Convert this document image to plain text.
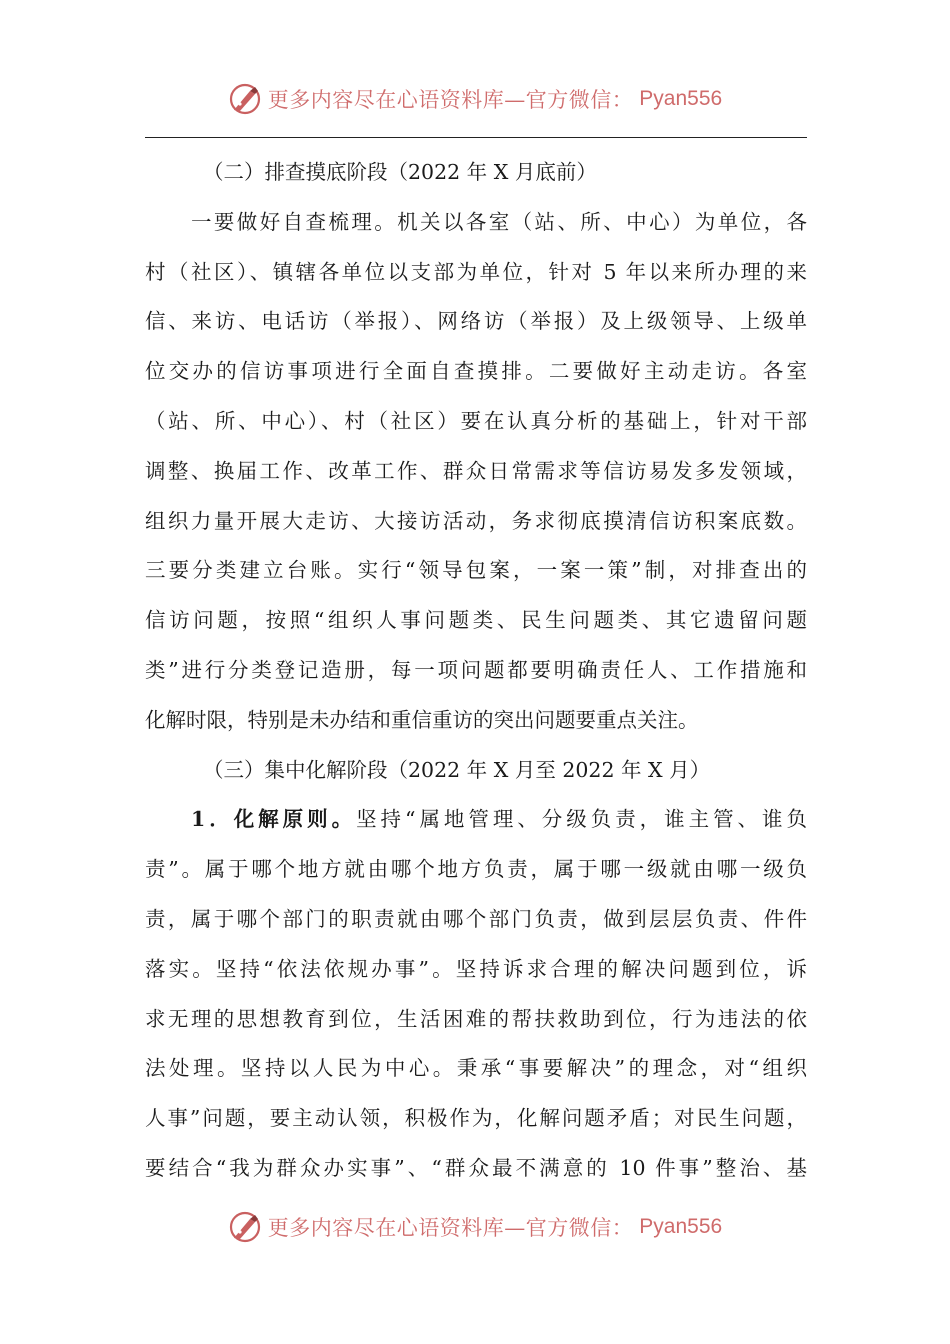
更多内容尽在心语资料库—官方微信： Pyan556
（二）排查摸底阶段（2022 年 X 月底前）
一要做好自查梳理。机关以各室（站、所、中心）为单位，各
村（社区）、镇辖各单位以支部为单位，针对 5 年以来所办理的来
信、来访、电话访（举报）、网络访（举报）及上级领导、上级单
位交办的信访事项进行全面自查摸排。二要做好主动走访。各室
（站、所、中心）、村（社区）要在认真分析的基础上，针对干部
调整、换届工作、改革工作、群众日常需求等信访易发多发领域，
组织力量开展大走访、大接访活动，务求彻底摸清信访积案底数。
三要分类建立台账。实行“领导包案，一案一策”制，对排查出的
信访问题，按照“组织人事问题类、民生问题类、其它遗留问题
类”进行分类登记造册，每一项问题都要明确责任人、工作措施和
化解时限，特别是未办结和重信重访的突出问题要重点关注。
（三）集中化解阶段（2022 年 X 月至 2022 年 X 月）
1．化解原则。坚持“属地管理、分级负责，谁主管、谁负
责”。属于哪个地方就由哪个地方负责，属于哪一级就由哪一级负
责，属于哪个部门的职责就由哪个部门负责，做到层层负责、件件
落实。坚持“依法依规办事”。坚持诉求合理的解决问题到位，诉
求无理的思想教育到位，生活困难的帮扶救助到位，行为违法的依
法处理。坚持以人民为中心。秉承“事要解决”的理念，对“组织
人事”问题，要主动认领，积极作为，化解问题矛盾；对民生问题，
要结合“我为群众办实事”、“群众最不满意的 10 件事”整治、基
更多内容尽在心语资料库—官方微信： Pyan556
